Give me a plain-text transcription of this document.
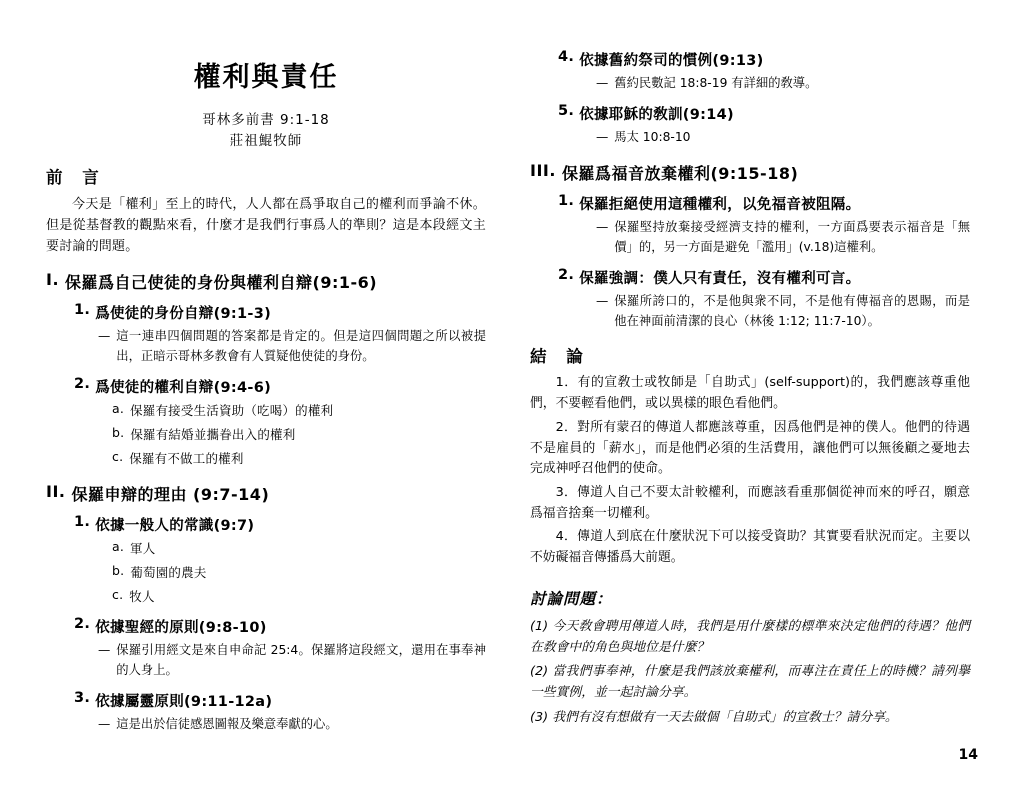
權利與責任
哥林多前書 9:1-18
莊祖鯤牧師
前 言
今天是「權利」至上的時代，人人都在爲爭取自己的權利而爭論不休。但是從基督教的觀點來看，什麼才是我們行事爲人的準則？這是本段經文主要討論的問題。
I. 保羅爲自己使徒的身份與權利自辯(9:1-6)
1. 爲使徒的身份自辯(9:1-3)
— 這一連串四個問題的答案都是肯定的。但是這四個問題之所以被提出，正暗示哥林多教會有人質疑他使徒的身份。
2. 爲使徒的權利自辯(9:4-6)
a. 保羅有接受生活資助（吃喝）的權利
b. 保羅有結婚並攜眷出入的權利
c. 保羅有不做工的權利
II. 保羅申辯的理由 (9:7-14)
1. 依據一般人的常識(9:7)
a. 軍人
b. 葡萄園的農夫
c. 牧人
2. 依據聖經的原則(9:8-10)
— 保羅引用經文是來自申命記 25:4。保羅將這段經文，還用在事奉神的人身上。
3. 依據屬靈原則(9:11-12a)
— 這是出於信徒感恩圖報及樂意奉獻的心。
4. 依據舊約祭司的慣例(9:13)
— 舊約民數記 18:8-19 有詳細的敎導。
5. 依據耶穌的敎訓(9:14)
— 馬太 10:8-10
III. 保羅爲福音放棄權利(9:15-18)
1. 保羅拒絕使用這種權利，以免福音被阻隔。
— 保羅堅持放棄接受經濟支持的權利，一方面爲要表示福音是「無價」的，另一方面是避免「濫用」(v.18)這權利。
2. 保羅強調：僕人只有責任，沒有權利可言。
— 保羅所誇口的，不是他與衆不同，不是他有傳福音的恩賜，而是他在神面前清潔的良心（林後 1:12; 11:7-10）。
結 論
1．有的宣敎士或牧師是「自助式」(self-support)的，我們應該尊重他們，不要輕看他們，或以異樣的眼色看他們。
2．對所有蒙召的傳道人都應該尊重，因爲他們是神的僕人。他們的待遇不是雇員的「薪水」，而是他們必須的生活費用，讓他們可以無後顧之憂地去完成神呼召他們的使命。
3．傳道人自己不要太計較權利，而應該看重那個從神而來的呼召，願意爲福音捨棄一切權利。
4．傳道人到底在什麼狀況下可以接受資助？其實要看狀況而定。主要以不妨礙福音傳播爲大前題。
討論問題：
(1) 今天敎會聘用傳道人時，我們是用什麼樣的標準來決定他們的待遇？他們在敎會中的角色與地位是什麼？
(2) 當我們事奉神，什麼是我們該放棄權利，而專注在責任上的時機？請列擧一些實例，並一起討論分享。
(3) 我們有沒有想做有一天去做個「自助式」的宣敎士？請分享。
14
